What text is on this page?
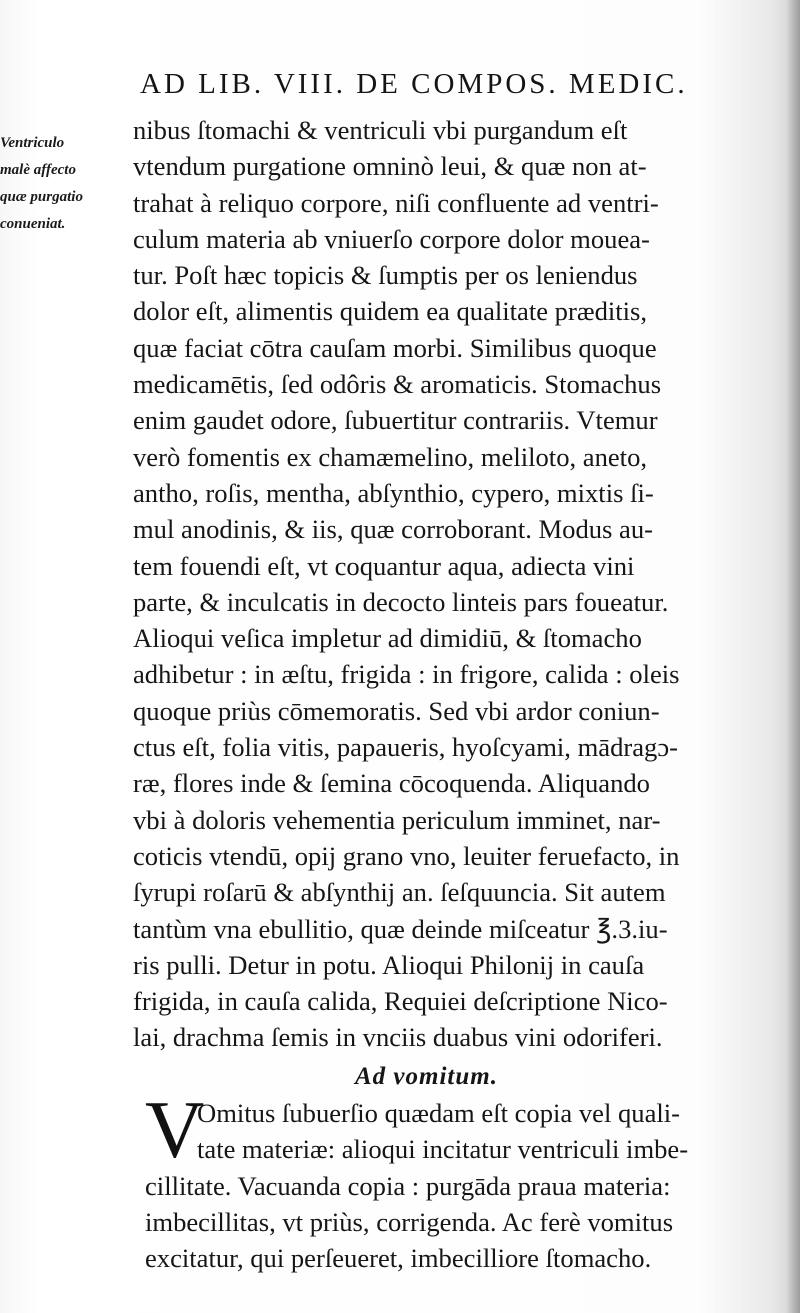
AD LIB. VIII. DE COMPOS. MEDIC.
Ventriculo
malè affecto
quæ purgatio
conueniat.
nibus ſtomachi & ventriculi vbi purgandum eſt
vtendum purgatione omninò leui, & quæ non at-
trahat à reliquo corpore, niſi confluente ad ventri-
culum materia ab vniuerſo corpore dolor mouea-
tur. Poſt hæc topicis & ſumptis per os leniendus
dolor eſt, alimentis quidem ea qualitate præditis,
quæ faciat cōtra cauſam morbi. Similibus quoque
medicamētis, ſed odôris & aromaticis. Stomachus
enim gaudet odore, ſubuertitur contrariis. Vtemur
verò fomentis ex chamæmelino, meliloto, aneto,
antho, roſis, mentha, abſynthio, cypero, mixtis ſi-
mul anodinis, & iis, quæ corroborant. Modus au-
tem fouendi eſt, vt coquantur aqua, adiecta vini
parte, & inculcatis in decocto linteis pars foueatur.
Alioqui veſica impletur ad dimidiū, & ſtomacho
adhibetur : in æſtu, frigida : in frigore, calida : oleis
quoque priùs cōmemoratis. Sed vbi ardor coniun-
ctus eſt, folia vitis, papaueris, hyoſcyami, mādragɔ-
ræ, flores inde & ſemina cōcoquenda. Aliquando
vbi à doloris vehementia periculum imminet, nar-
coticis vtendū, opij grano vno, leuiter feruefacto, in
ſyrupi roſarū & abſynthij an. ſeſquuncia. Sit autem
tantùm vna ebullitio, quæ deinde miſceatur ℥.3.iu-
ris pulli. Detur in potu. Alioqui Philonij in cauſa
frigida, in cauſa calida, Requiei deſcriptione Nico-
lai, drachma ſemis in vnciis duabus vini odoriferi.
Ad vomitum.
V
Omitus ſubuerſio quædam eſt copia vel quali-
tate materiæ: alioqui incitatur ventriculi imbe-
cillitate. Vacuanda copia : purgāda praua materia:
imbecillitas, vt priùs, corrigenda. Ac ferè vomitus
excitatur, qui perſeueret, imbecilliore ſtomacho.
